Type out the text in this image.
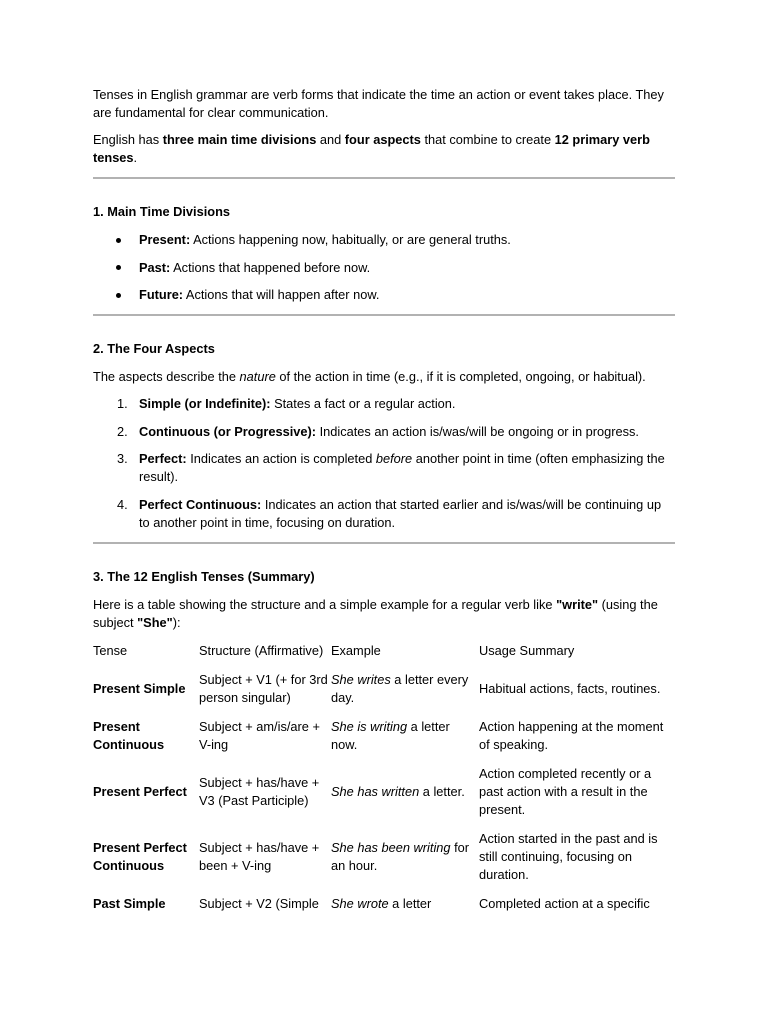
Tenses in English grammar are verb forms that indicate the time an action or event takes place. They are fundamental for clear communication.

English has three main time divisions and four aspects that combine to create 12 primary verb tenses.

1. Main Time Divisions
Present: Actions happening now, habitually, or are general truths.
Past: Actions that happened before now.
Future: Actions that will happen after now.
2. The Four Aspects

The aspects describe the nature of the action in time (e.g., if it is completed, ongoing, or habitual).

1. Simple (or Indefinite): States a fact or a regular action.
2. Continuous (or Progressive): Indicates an action is/was/will be ongoing or in progress.
3. Perfect: Indicates an action is completed before another point in time (often emphasizing the result).
4. Perfect Continuous: Indicates an action that started earlier and is/was/will be continuing up to another point in time, focusing on duration.
3. The 12 English Tenses (Summary)

Here is a table showing the structure and a simple example for a regular verb like "write" (using the subject "She"):

Tense	Structure (Affirmative)	Example	Usage Summary
Present Simple	Subject + V1 (+ for 3rd person singular)	She writes a letter every day.	Habitual actions, facts, routines.
Present Continuous	Subject + am/is/are + V-ing	She is writing a letter now.	Action happening at the moment of speaking.
Present Perfect	Subject + has/have + V3 (Past Participle)	She has written a letter.	Action completed recently or a past action with a result in the present.
Present Perfect Continuous	Subject + has/have + been + V-ing	She has been writing for an hour.	Action started in the past and is still continuing, focusing on duration.
Past Simple	Subject + V2 (Simple	She wrote a letter	Completed action at a specific
